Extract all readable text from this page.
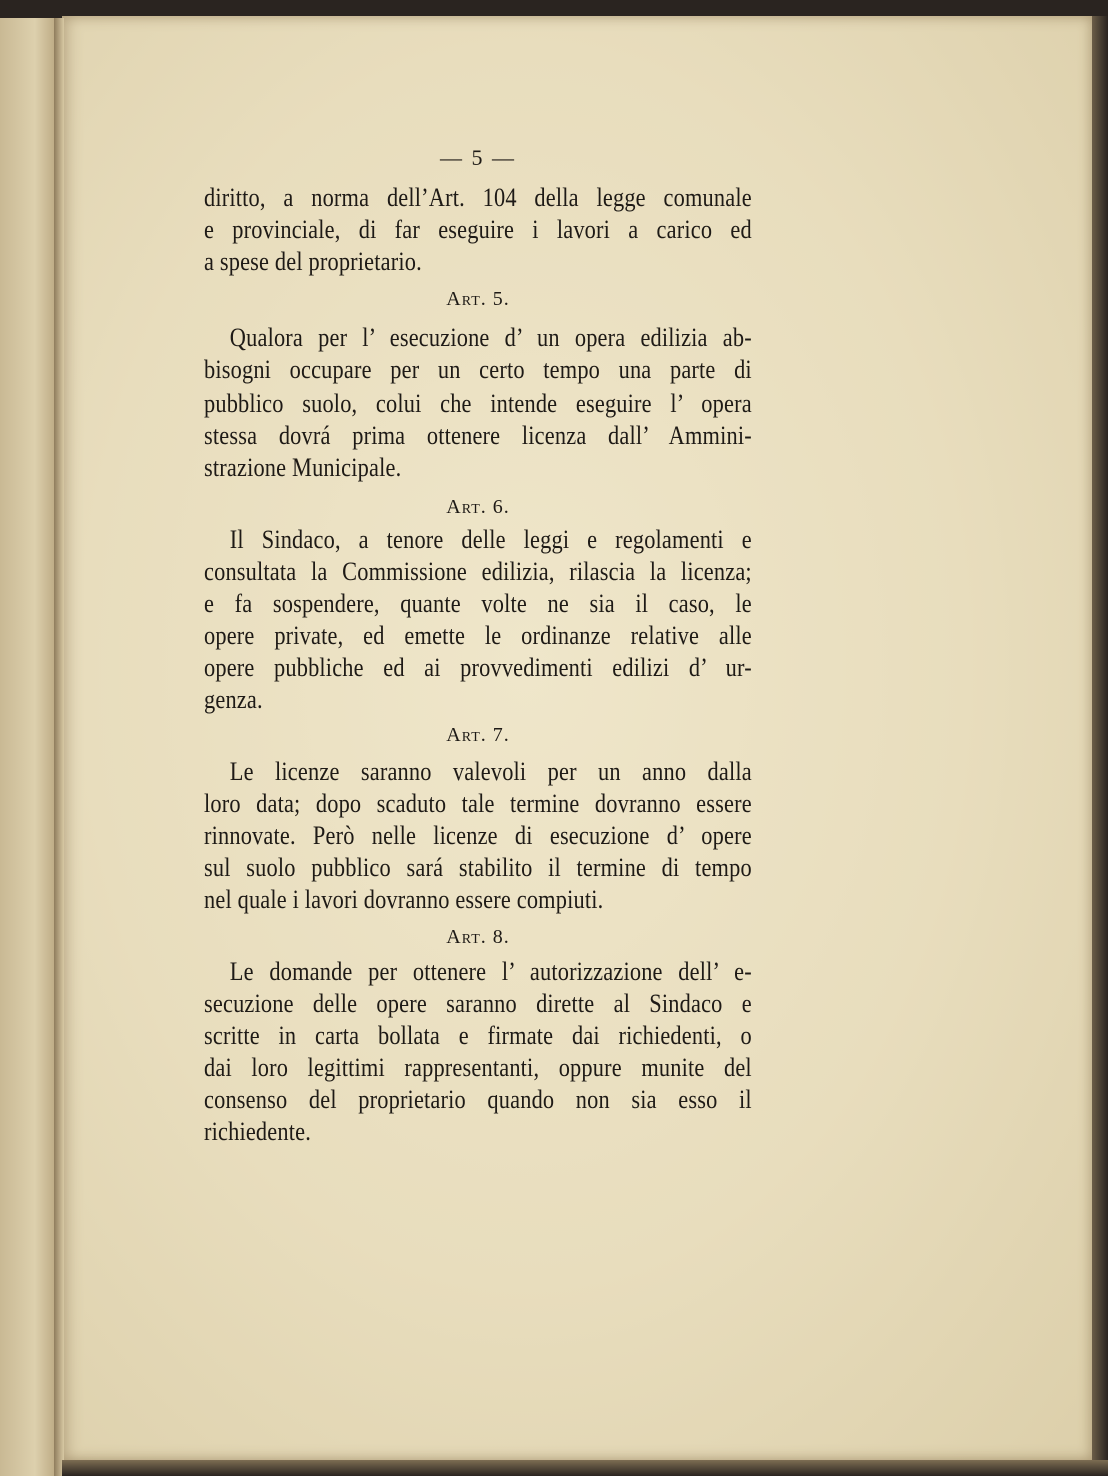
— 5 —
diritto, a norma dell’Art. 104 della legge comunale
e provinciale, di far eseguire i lavori a carico ed
a spese del proprietario.
Art. 5.
Qualora per l’ esecuzione d’ un opera edilizia ab-
bisogni occupare per un certo tempo una parte di
pubblico suolo, colui che intende eseguire l’ opera
stessa dovrá prima ottenere licenza dall’ Ammini-
strazione Municipale.
Art. 6.
Il Sindaco, a tenore delle leggi e regolamenti e
consultata la Commissione edilizia, rilascia la licenza;
e fa sospendere, quante volte ne sia il caso, le
opere private, ed emette le ordinanze relative alle
opere pubbliche ed ai provvedimenti edilizi d’ ur-
genza.
Art. 7.
Le licenze saranno valevoli per un anno dalla
loro data; dopo scaduto tale termine dovranno essere
rinnovate. Però nelle licenze di esecuzione d’ opere
sul suolo pubblico sará stabilito il termine di tempo
nel quale i lavori dovranno essere compiuti.
Art. 8.
Le domande per ottenere l’ autorizzazione dell’ e-
secuzione delle opere saranno dirette al Sindaco e
scritte in carta bollata e firmate dai richiedenti, o
dai loro legittimi rappresentanti, oppure munite del
consenso del proprietario quando non sia esso il
richiedente.
